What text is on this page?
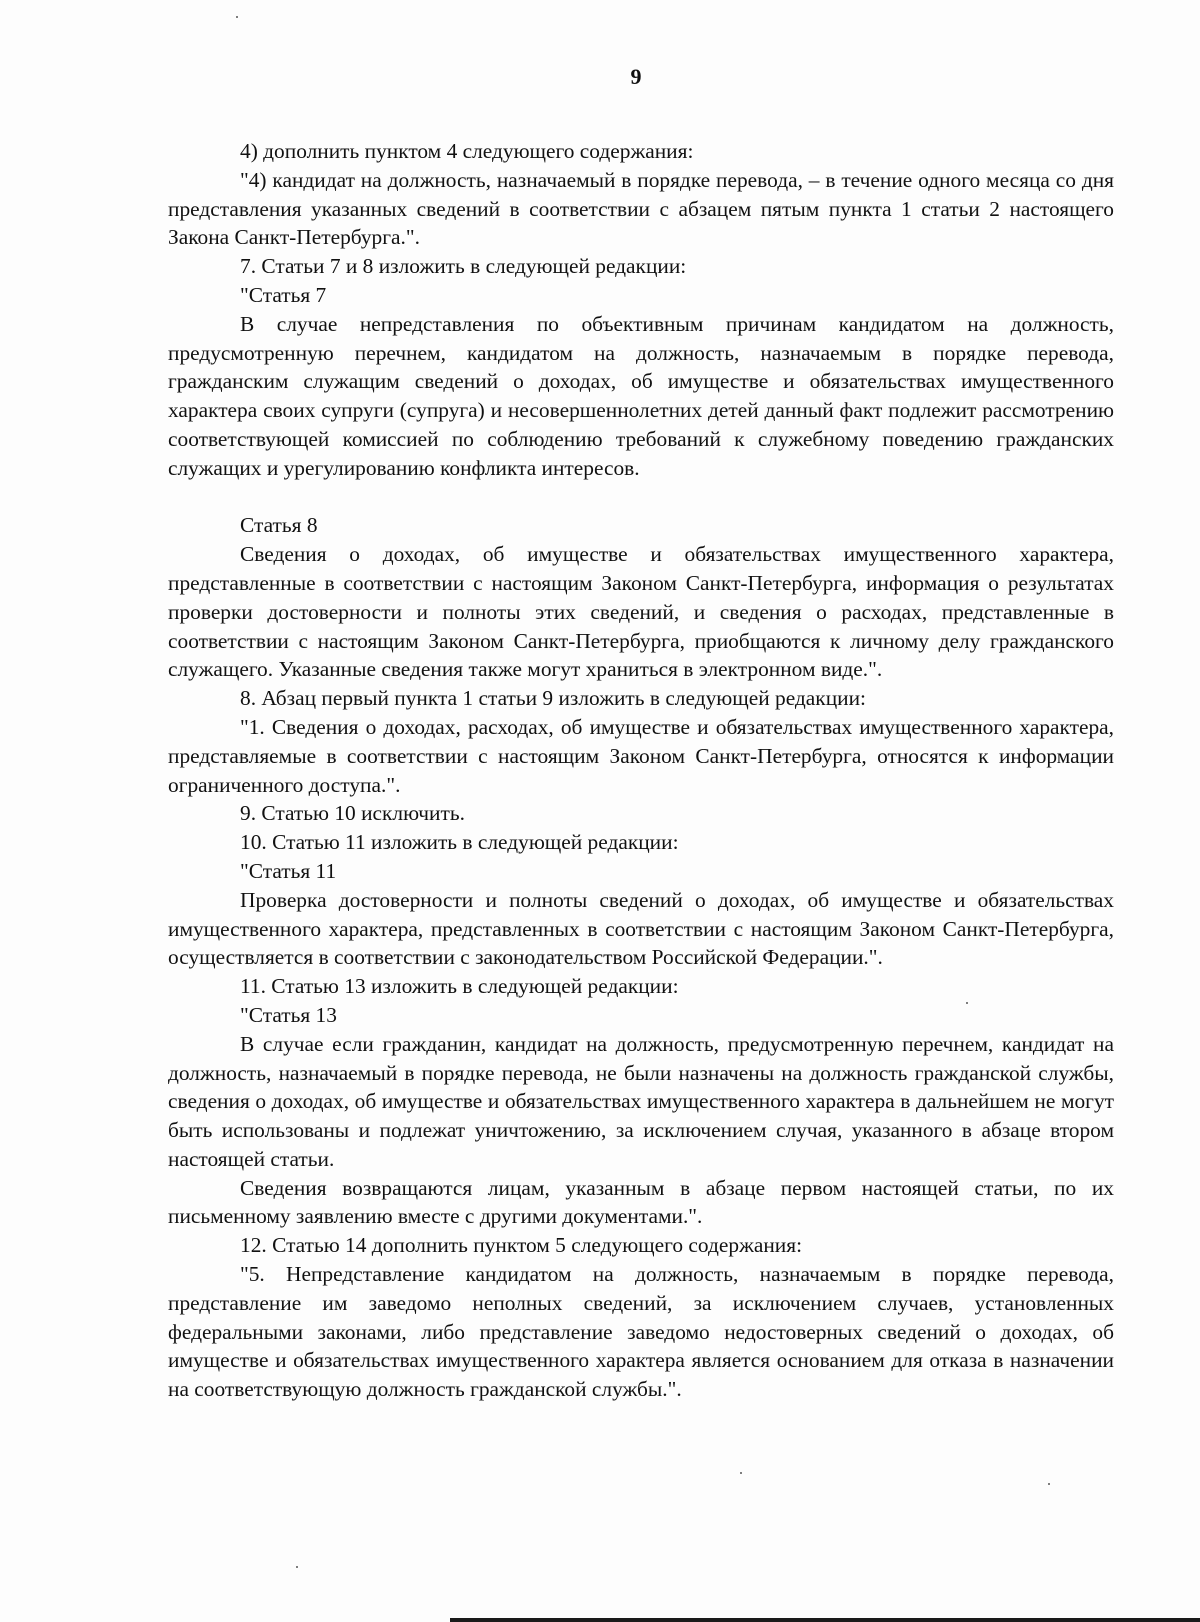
9

4) дополнить пунктом 4 следующего содержания:

"4) кандидат на должность, назначаемый в порядке перевода, – в течение одного месяца со дня представления указанных сведений в соответствии с абзацем пятым пункта 1 статьи 2 настоящего Закона Санкт-Петербурга.".

7. Статьи 7 и 8 изложить в следующей редакции:

"Статья 7

В случае непредставления по объективным причинам кандидатом на должность, предусмотренную перечнем, кандидатом на должность, назначаемым в порядке перевода, гражданским служащим сведений о доходах, об имуществе и обязательствах имущественного характера своих супруги (супруга) и несовершеннолетних детей данный факт подлежит рассмотрению соответствующей комиссией по соблюдению требований к служебному поведению гражданских служащих и урегулированию конфликта интересов.

Статья 8

Сведения о доходах, об имуществе и обязательствах имущественного характера, представленные в соответствии с настоящим Законом Санкт-Петербурга, информация о результатах проверки достоверности и полноты этих сведений, и сведения о расходах, представленные в соответствии с настоящим Законом Санкт-Петербурга, приобщаются к личному делу гражданского служащего. Указанные сведения также могут храниться в электронном виде.".

8. Абзац первый пункта 1 статьи 9 изложить в следующей редакции:

"1. Сведения о доходах, расходах, об имуществе и обязательствах имущественного характера, представляемые в соответствии с настоящим Законом Санкт-Петербурга, относятся к информации ограниченного доступа.".

9. Статью 10 исключить.

10. Статью 11 изложить в следующей редакции:

"Статья 11

Проверка достоверности и полноты сведений о доходах, об имуществе и обязательствах имущественного характера, представленных в соответствии с настоящим Законом Санкт-Петербурга, осуществляется в соответствии с законодательством Российской Федерации.".

11. Статью 13 изложить в следующей редакции:

"Статья 13

В случае если гражданин, кандидат на должность, предусмотренную перечнем, кандидат на должность, назначаемый в порядке перевода, не были назначены на должность гражданской службы, сведения о доходах, об имуществе и обязательствах имущественного характера в дальнейшем не могут быть использованы и подлежат уничтожению, за исключением случая, указанного в абзаце втором настоящей статьи.

Сведения возвращаются лицам, указанным в абзаце первом настоящей статьи, по их письменному заявлению вместе с другими документами.".

12. Статью 14 дополнить пунктом 5 следующего содержания:

"5. Непредставление кандидатом на должность, назначаемым в порядке перевода, представление им заведомо неполных сведений, за исключением случаев, установленных федеральными законами, либо представление заведомо недостоверных сведений о доходах, об имуществе и обязательствах имущественного характера является основанием для отказа в назначении на соответствующую должность гражданской службы.".
